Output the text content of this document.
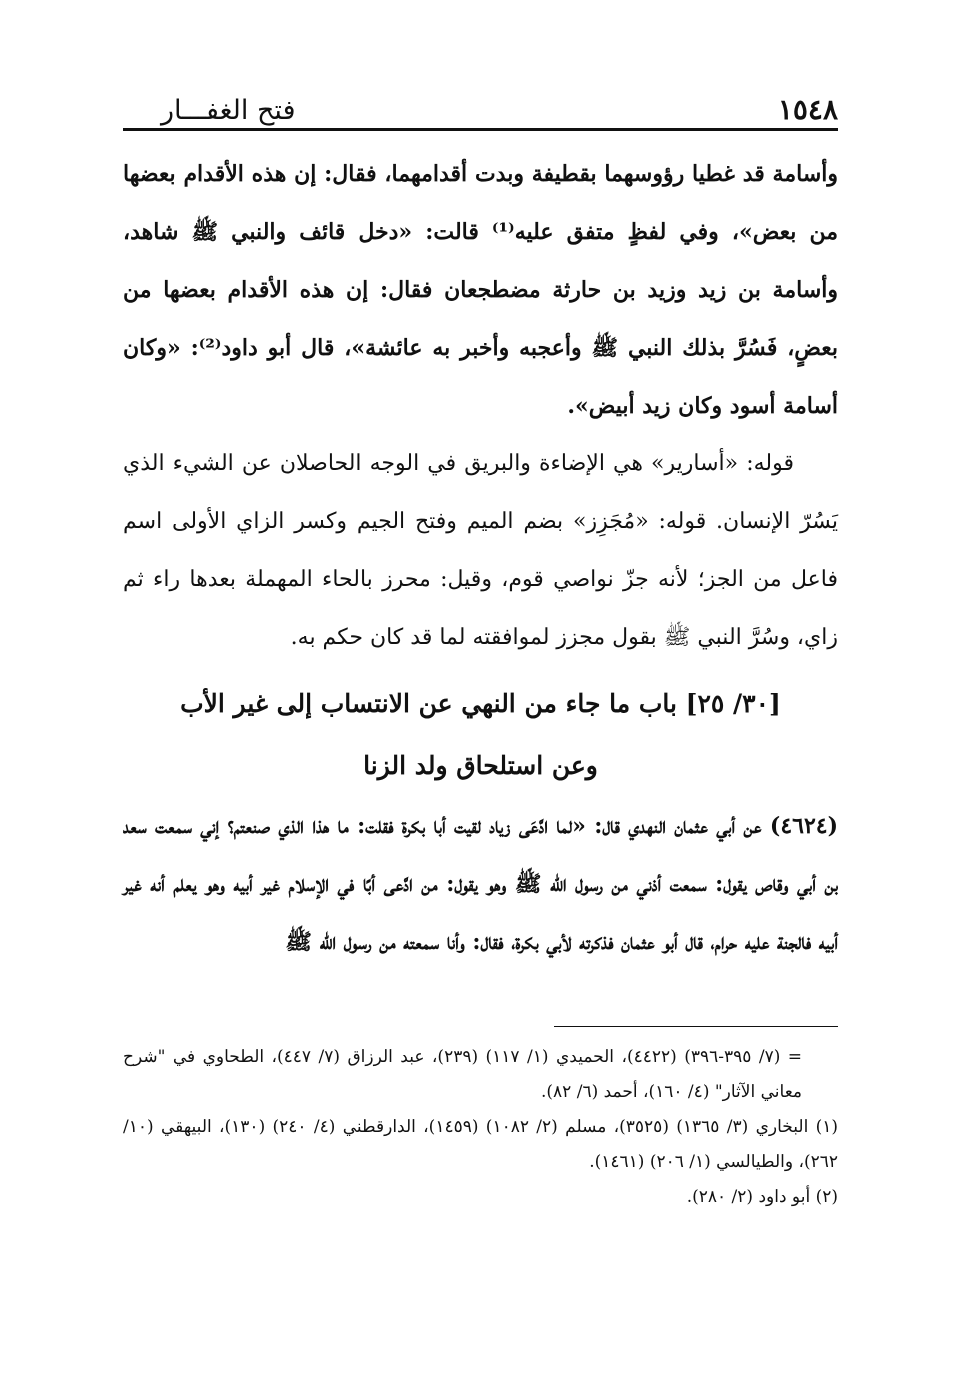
١٥٤٨
فتح الغفـــار

وأسامة قد غطيا رؤوسهما بقطيفة وبدت أقدامهما، فقال: إن هذه الأقدام بعضها من بعض»، وفي لفظٍ متفق عليه⁽¹⁾ قالت: «دخل قائف والنبي ﷺ شاهد، وأسامة بن زيد وزيد بن حارثة مضطجعان فقال: إن هذه الأقدام بعضها من بعضٍ، فَسُرَّ بذلك النبي ﷺ وأعجبه وأخبر به عائشة»، قال أبو داود⁽²⁾: «وكان أسامة أسود وكان زيد أبيض».

قوله: «أسارير» هي الإضاءة والبريق في الوجه الحاصلان عن الشيء الذي يَسُرّ الإنسان. قوله: «مُجَزِز» بضم الميم وفتح الجيم وكسر الزاي الأولى اسم فاعل من الجز؛ لأنه جزّ نواصي قوم، وقيل: محرز بالحاء المهملة بعدها راء ثم زاي، وسُرَّ النبي ﷺ بقول مجزز لموافقته لما قد كان حكم به.

[٣٠/ ٢٥] باب ما جاء من النهي عن الانتساب إلى غير الأب

وعن استلحاق ولد الزنا

(٤٦٢٤) عن أبي عثمان النهدي قال: «لما ادَّعَى زياد لقيت أبا بكرة فقلت: ما هذا الذي صنعتم؟ إني سمعت سعد بن أبي وقاص يقول: سمعت أذني من رسول الله ﷺ وهو يقول: من ادَّعى أبًا في الإسلام غير أبيه وهو يعلم أنه غير أبيه فالجنة عليه حرام، قال أبو عثمان فذكرته لأبي بكرة، فقال: وأنا سمعته من رسول الله ﷺ

= (٧/ ٣٩٥-٣٩٦) (٤٤٢٢)، الحميدي (١/ ١١٧) (٢٣٩)، عبد الرزاق (٧/ ٤٤٧)، الطحاوي في "شرح معاني الآثار" (٤/ ١٦٠)، أحمد (٦/ ٨٢).

(١) البخاري (٣/ ١٣٦٥) (٣٥٢٥)، مسلم (٢/ ١٠٨٢) (١٤٥٩)، الدارقطني (٤/ ٢٤٠) (١٣٠)، البيهقي (١٠/ ٢٦٢)، والطيالسي (١/ ٢٠٦) (١٤٦١).

(٢) أبو داود (٢/ ٢٨٠).
